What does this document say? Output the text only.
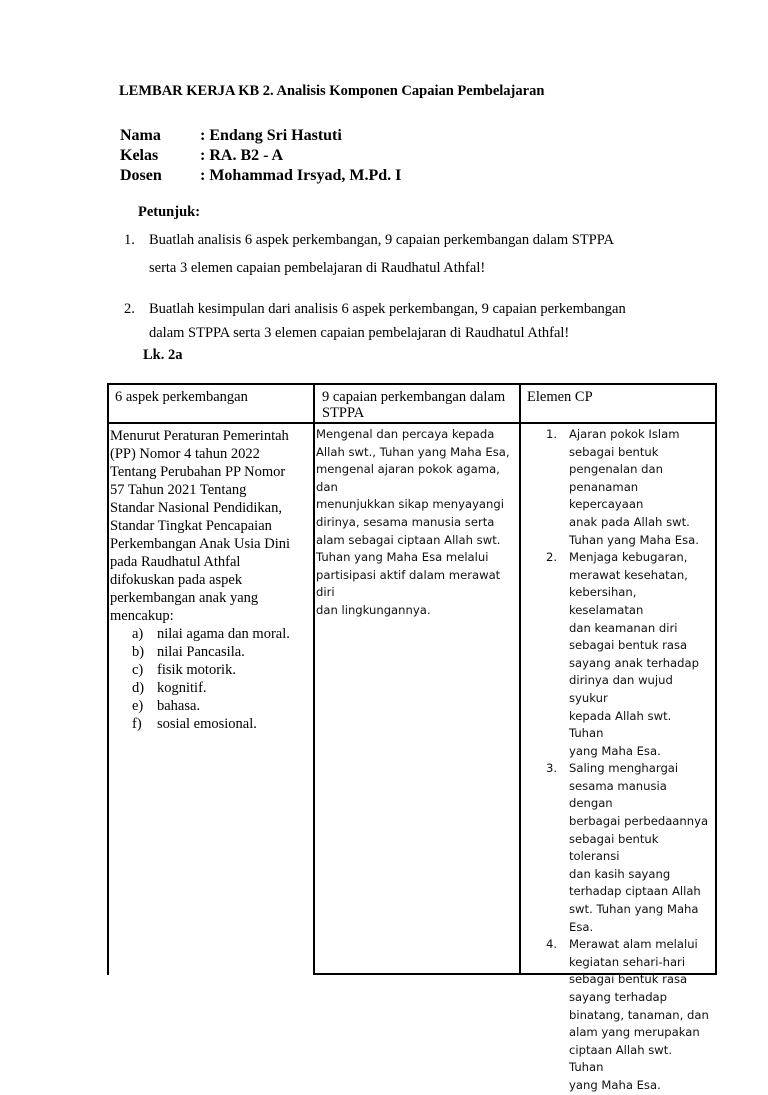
LEMBAR KERJA KB 2. Analisis Komponen Capaian Pembelajaran
Nama : Endang Sri Hastuti
Kelas	: RA. B2 - A
Dosen : Mohammad Irsyad, M.Pd. I
Petunjuk:
1. Buatlah analisis 6 aspek perkembangan, 9 capaian perkembangan dalam STPPA
serta 3 elemen capaian pembelajaran di Raudhatul Athfal!
2. Buatlah kesimpulan dari analisis 6 aspek perkembangan, 9 capaian perkembangan
dalam STPPA serta 3 elemen capaian pembelajaran di Raudhatul Athfal!
Lk. 2a
6 aspek perkembangan	9 capaian perkembangan dalam STPPA
Elemen CP
Menurut Peraturan Pemerintah
(PP) Nomor 4 tahun 2022
Tentang Perubahan PP Nomor
57 Tahun 2021 Tentang
Standar Nasional Pendidikan,
Standar Tingkat Pencapaian
Perkembangan Anak Usia Dini
pada Raudhatul Athfal
difokuskan pada aspek
perkembangan anak yang
mencakup:
a) nilai agama dan moral.
b) nilai Pancasila.
c) fisik motorik.
d) kognitif.
e) bahasa.
f) sosial emosional.
Mengenal dan percaya kepada
Allah swt., Tuhan yang Maha Esa,
mengenal ajaran pokok agama, dan
menunjukkan sikap menyayangi
dirinya, sesama manusia serta
alam sebagai ciptaan Allah swt.
Tuhan yang Maha Esa melalui
partisipasi aktif dalam merawat diri
dan lingkungannya.
1. Ajaran pokok Islam
sebagai bentuk
pengenalan dan
penanaman kepercayaan
anak pada Allah swt.
Tuhan yang Maha Esa.
2. Menjaga kebugaran,
merawat kesehatan,
kebersihan, keselamatan
dan keamanan diri
sebagai bentuk rasa
sayang anak terhadap
dirinya dan wujud syukur
kepada Allah swt. Tuhan
yang Maha Esa.
3. Saling menghargai
sesama manusia dengan
berbagai perbedaannya
sebagai bentuk toleransi
dan kasih sayang
terhadap ciptaan Allah
swt. Tuhan yang Maha
Esa.
4. Merawat alam melalui
kegiatan sehari-hari
sebagai bentuk rasa
sayang terhadap
binatang, tanaman, dan
alam yang merupakan
ciptaan Allah swt. Tuhan
yang Maha Esa.
